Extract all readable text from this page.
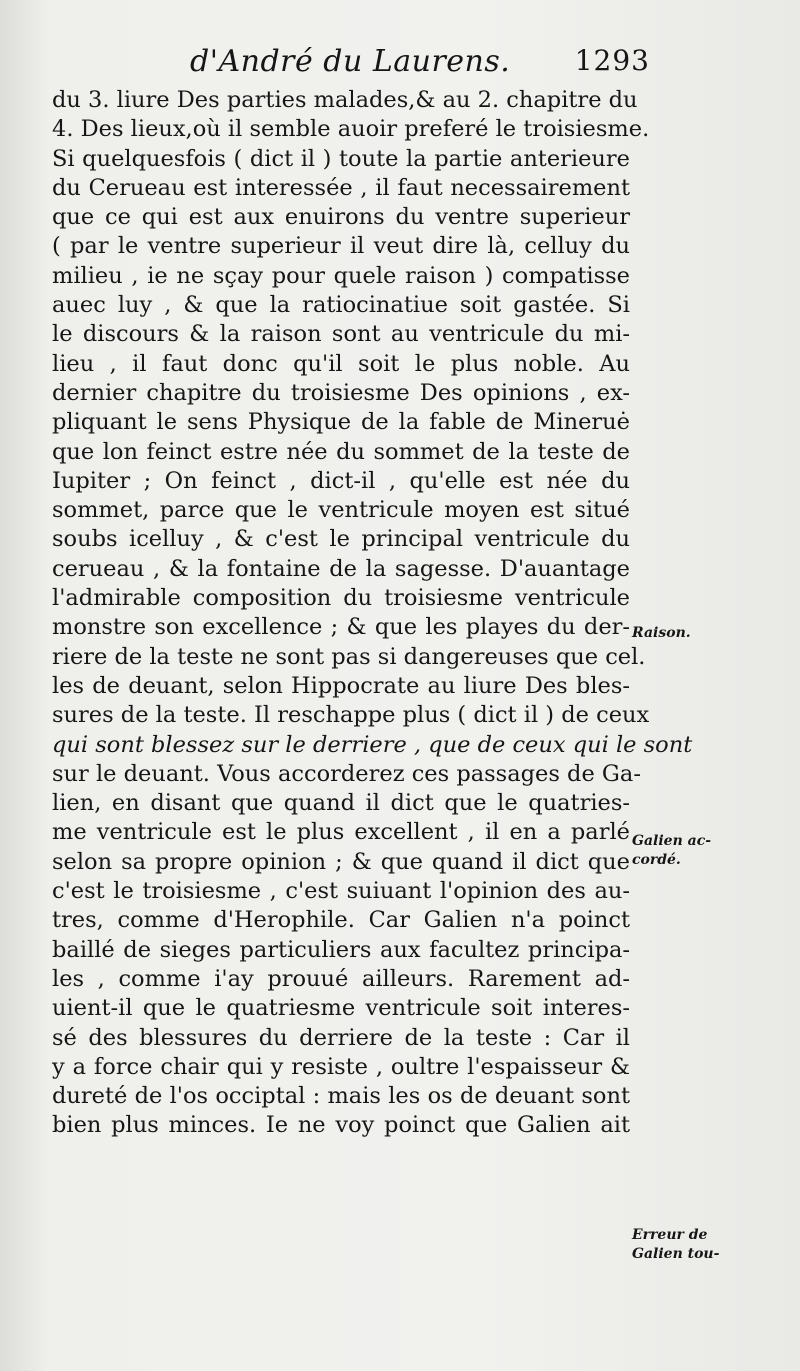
d'André du Laurens. 1293
du 3. liure Des parties malades,& au 2. chapitre du
4. Des lieux,où il semble auoir preferé le troisiesme.
Si quelquesfois ( dict il ) toute la partie anterieure
du Cerueau est interessée , il faut necessairement
que ce qui est aux enuirons du ventre superieur
( par le ventre superieur il veut dire là, celluy du
milieu , ie ne sçay pour quele raison ) compatisse
auec luy , & que la ratiocinatiue soit gastée. Si
le discours & la raison sont au ventricule du mi-
lieu , il faut donc qu'il soit le plus noble. Au
dernier chapitre du troisiesme Des opinions , ex-
pliquant le sens Physique de la fable de Mineruė
que lon feinct estre née du sommet de la teste de
Iupiter ; On feinct , dict-il , qu'elle est née du
sommet, parce que le ventricule moyen est situé
soubs icelluy , & c'est le principal ventricule du
cerueau , & la fontaine de la sagesse. D'auantage
l'admirable composition du troisiesme ventricule
monstre son excellence ; & que les playes du der-
riere de la teste ne sont pas si dangereuses que cel.
les de deuant, selon Hippocrate au liure Des bles-
sures de la teste. Il reschappe plus ( dict il ) de ceux
qui sont blessez sur le derriere , que de ceux qui le sont
sur le deuant. Vous accorderez ces passages de Ga-
lien, en disant que quand il dict que le quatries-
me ventricule est le plus excellent , il en a parlé
selon sa propre opinion ; & que quand il dict que
c'est le troisiesme , c'est suiuant l'opinion des au-
tres, comme d'Herophile. Car Galien n'a poinct
baillé de sieges particuliers aux facultez principa-
les , comme i'ay prouué ailleurs. Rarement ad-
uient-il que le quatriesme ventricule soit interes-
sé des blessures du derriere de la teste : Car il
y a force chair qui y resiste , oultre l'espaisseur &
dureté de l'os occiptal : mais les os de deuant sont
bien plus minces. Ie ne voy poinct que Galien ait
Raison.
Galien ac-
cordé.
Erreur de
Galien tou-
